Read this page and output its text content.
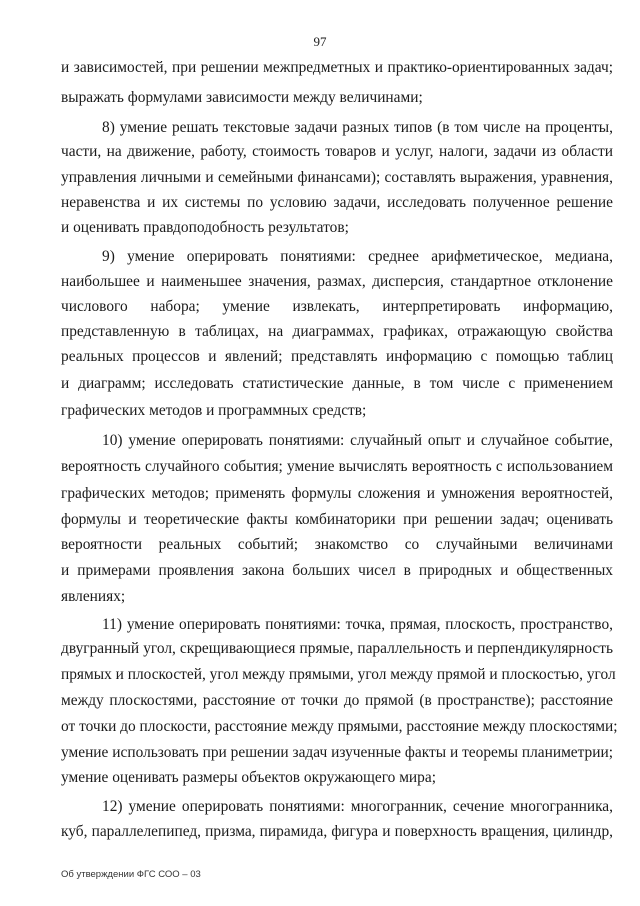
97
и зависимостей, при решении межпредметных и практико-ориентированных задач;
выражать формулами зависимости между величинами;
8) умение решать текстовые задачи разных типов (в том числе на проценты,
части, на движение, работу, стоимость товаров и услуг, налоги, задачи из области
управления личными и семейными финансами); составлять выражения, уравнения,
неравенства и их системы по условию задачи, исследовать полученное решение
и оценивать правдоподобность результатов;
9) умение оперировать понятиями: среднее арифметическое, медиана,
наибольшее и наименьшее значения, размах, дисперсия, стандартное отклонение
числового набора; умение извлекать, интерпретировать информацию,
представленную в таблицах, на диаграммах, графиках, отражающую свойства
реальных процессов и явлений; представлять информацию с помощью таблиц
и диаграмм; исследовать статистические данные, в том числе с применением
графических методов и программных средств;
10) умение оперировать понятиями: случайный опыт и случайное событие,
вероятность случайного события; умение вычислять вероятность с использованием
графических методов; применять формулы сложения и умножения вероятностей,
формулы и теоретические факты комбинаторики при решении задач; оценивать
вероятности реальных событий; знакомство со случайными величинами
и примерами проявления закона больших чисел в природных и общественных
явлениях;
11) умение оперировать понятиями: точка, прямая, плоскость, пространство,
двугранный угол, скрещивающиеся прямые, параллельность и перпендикулярность
прямых и плоскостей, угол между прямыми, угол между прямой и плоскостью, угол
между плоскостями, расстояние от точки до прямой (в пространстве); расстояние
от точки до плоскости, расстояние между прямыми, расстояние между плоскостями;
умение использовать при решении задач изученные факты и теоремы планиметрии;
умение оценивать размеры объектов окружающего мира;
12) умение оперировать понятиями: многогранник, сечение многогранника,
куб, параллелепипед, призма, пирамида, фигура и поверхность вращения, цилиндр,
Об утверждении ФГС СОО – 03
